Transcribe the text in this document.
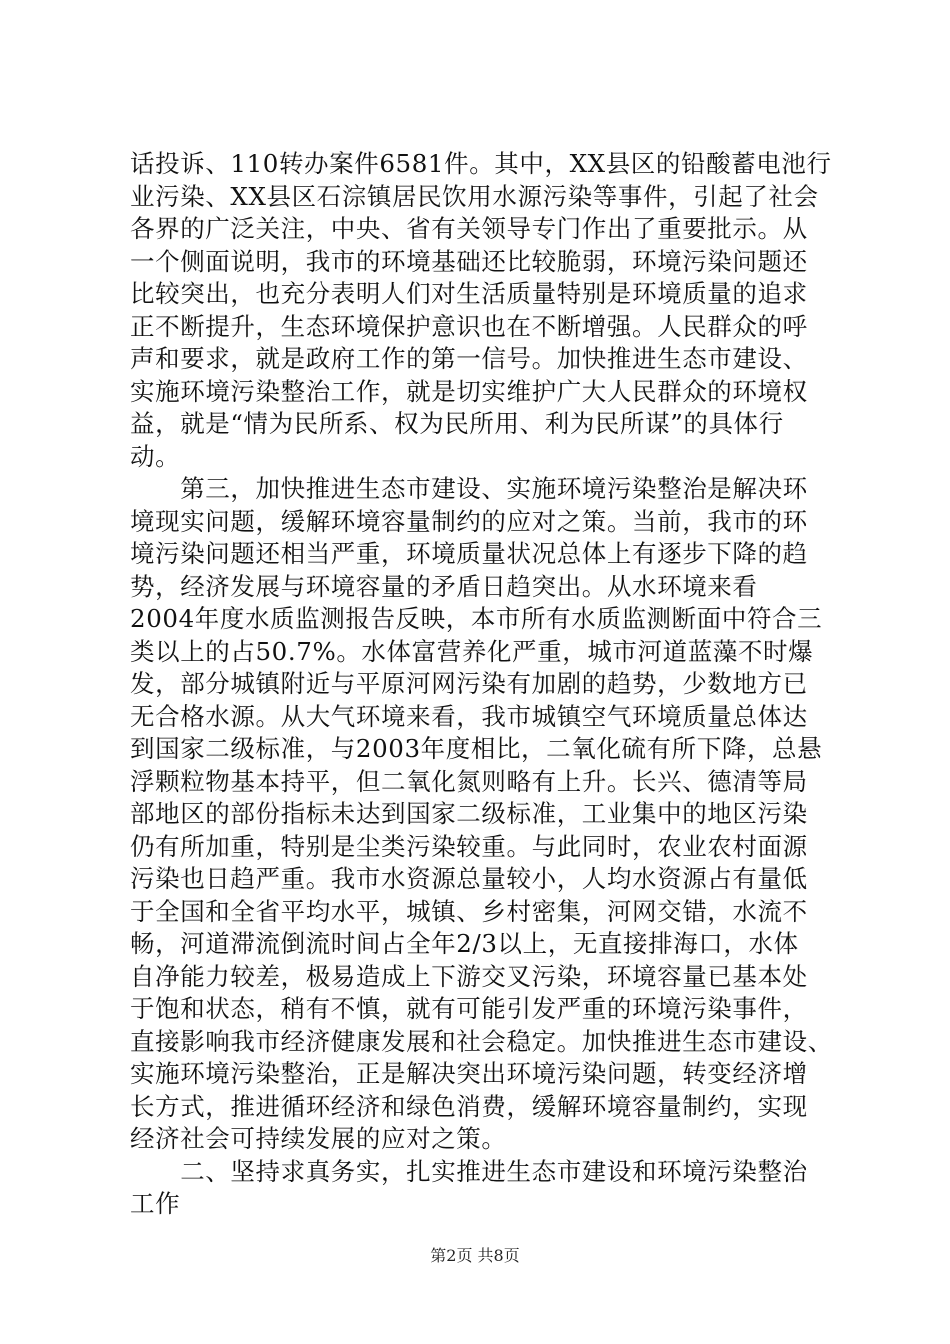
话投诉、110转办案件6581件。其中，XX县区的铅酸蓄电池行
业污染、XX县区石淙镇居民饮用水源污染等事件，引起了社会
各界的广泛关注，中央、省有关领导专门作出了重要批示。从
一个侧面说明，我市的环境基础还比较脆弱，环境污染问题还
比较突出，也充分表明人们对生活质量特别是环境质量的追求
正不断提升，生态环境保护意识也在不断增强。人民群众的呼
声和要求，就是政府工作的第一信号。加快推进生态市建设、
实施环境污染整治工作，就是切实维护广大人民群众的环境权
益，就是“情为民所系、权为民所用、利为民所谋”的具体行
动。
　　第三，加快推进生态市建设、实施环境污染整治是解决环
境现实问题，缓解环境容量制约的应对之策。当前，我市的环
境污染问题还相当严重，环境质量状况总体上有逐步下降的趋
势，经济发展与环境容量的矛盾日趋突出。从水环境来看
2004年度水质监测报告反映，本市所有水质监测断面中符合三
类以上的占50.7%。水体富营养化严重，城市河道蓝藻不时爆
发，部分城镇附近与平原河网污染有加剧的趋势，少数地方已
无合格水源。从大气环境来看，我市城镇空气环境质量总体达
到国家二级标准，与2003年度相比，二氧化硫有所下降，总悬
浮颗粒物基本持平，但二氧化氮则略有上升。长兴、德清等局
部地区的部份指标未达到国家二级标准，工业集中的地区污染
仍有所加重，特别是尘类污染较重。与此同时，农业农村面源
污染也日趋严重。我市水资源总量较小，人均水资源占有量低
于全国和全省平均水平，城镇、乡村密集，河网交错，水流不
畅，河道滞流倒流时间占全年2/3以上，无直接排海口，水体
自净能力较差，极易造成上下游交叉污染，环境容量已基本处
于饱和状态，稍有不慎，就有可能引发严重的环境污染事件，
直接影响我市经济健康发展和社会稳定。加快推进生态市建设、
实施环境污染整治，正是解决突出环境污染问题，转变经济增
长方式，推进循环经济和绿色消费，缓解环境容量制约，实现
经济社会可持续发展的应对之策。
　　二、坚持求真务实，扎实推进生态市建设和环境污染整治
工作
第2页 共8页
